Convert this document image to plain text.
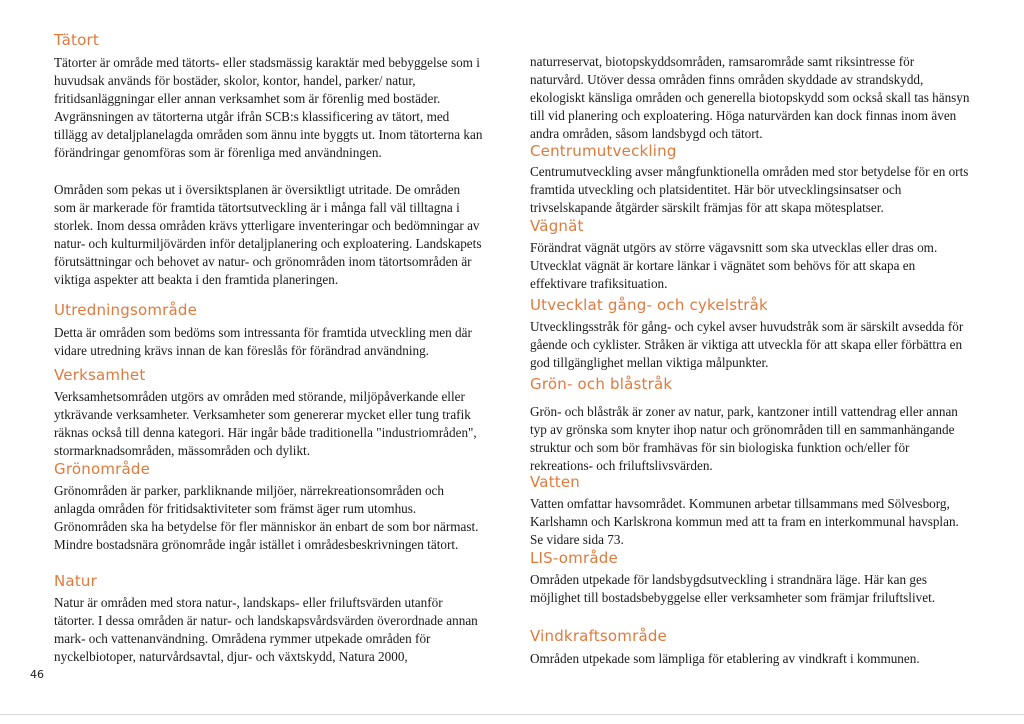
Tätort

Tätorter är område med tätorts- eller stadsmässig karaktär med bebyggelse som i huvudsak används för bostäder, skolor, kontor, handel, parker/ natur, fritidsanläggningar eller annan verksamhet som är förenlig med bostäder. Avgränsningen av tätorterna utgår ifrån SCB:s klassificering av tätort, med tillägg av detaljplanelagda områden som ännu inte byggts ut. Inom tätorterna kan förändringar genomföras som är förenliga med användningen.

Områden som pekas ut i översiktsplanen är översiktligt utritade. De områden som är markerade för framtida tätortsutveckling är i många fall väl tilltagna i storlek. Inom dessa områden krävs ytterligare inventeringar och bedömningar av natur- och kulturmiljövärden inför detaljplanering och exploatering. Landskapets förutsättningar och behovet av natur- och grönområden inom tätortsområden är viktiga aspekter att beakta i den framtida planeringen.

Utredningsområde

Detta är områden som bedöms som intressanta för framtida utveckling men där vidare utredning krävs innan de kan föreslås för förändrad användning.

Verksamhet

Verksamhetsområden utgörs av områden med störande, miljöpåverkande eller ytkrävande verksamheter. Verksamheter som genererar mycket eller tung trafik räknas också till denna kategori. Här ingår både traditionella "industriområden", stormarknadsområden, mässområden och dylikt.

Grönområde

Grönområden är parker, parkliknande miljöer, närrekreationsområden och anlagda områden för fritidsaktiviteter som främst äger rum utomhus. Grönområden ska ha betydelse för fler människor än enbart de som bor närmast. Mindre bostadsnära grönområde ingår istället i områdesbeskrivningen tätort.

Natur

Natur är områden med stora natur-, landskaps- eller friluftsvärden utanför tätorter. I dessa områden är natur- och landskapsvårdsvärden överordnade annan mark- och vattenanvändning. Områdena rymmer utpekade områden för nyckelbiotoper, naturvårdsavtal, djur- och växtskydd, Natura 2000,

naturreservat, biotopskyddsområden, ramsarområde samt riksintresse för naturvård. Utöver dessa områden finns områden skyddade av strandskydd, ekologiskt känsliga områden och generella biotopskydd som också skall tas hänsyn till vid planering och exploatering. Höga naturvärden kan dock finnas inom även andra områden, såsom landsbygd och tätort.

Centrumutveckling

Centrumutveckling avser mångfunktionella områden med stor betydelse för en orts framtida utveckling och platsidentitet. Här bör utvecklingsinsatser och trivselskapande åtgärder särskilt främjas för att skapa mötesplatser.

Vägnät

Förändrat vägnät utgörs av större vägavsnitt som ska utvecklas eller dras om. Utvecklat vägnät är kortare länkar i vägnätet som behövs för att skapa en effektivare trafiksituation.

Utvecklat gång- och cykelstråk

Utvecklingsstråk för gång- och cykel avser huvudstråk som är särskilt avsedda för gående och cyklister. Stråken är viktiga att utveckla för att skapa eller förbättra en god tillgänglighet mellan viktiga målpunkter.

Grön- och blåstråk

Grön- och blåstråk är zoner av natur, park, kantzoner intill vattendrag eller annan typ av grönska som knyter ihop natur och grönområden till en sammanhängande struktur och som bör framhävas för sin biologiska funktion och/eller för rekreations- och friluftslivsvärden.

Vatten

Vatten omfattar havsområdet. Kommunen arbetar tillsammans med Sölvesborg, Karlshamn och Karlskrona kommun med att ta fram en interkommunal havsplan. Se vidare sida 73.

LIS-område

Områden utpekade för landsbygdsutveckling i strandnära läge. Här kan ges möjlighet till bostadsbebyggelse eller verksamheter som främjar friluftslivet.

Vindkraftsområde

Områden utpekade som lämpliga för etablering av vindkraft i kommunen.

46
